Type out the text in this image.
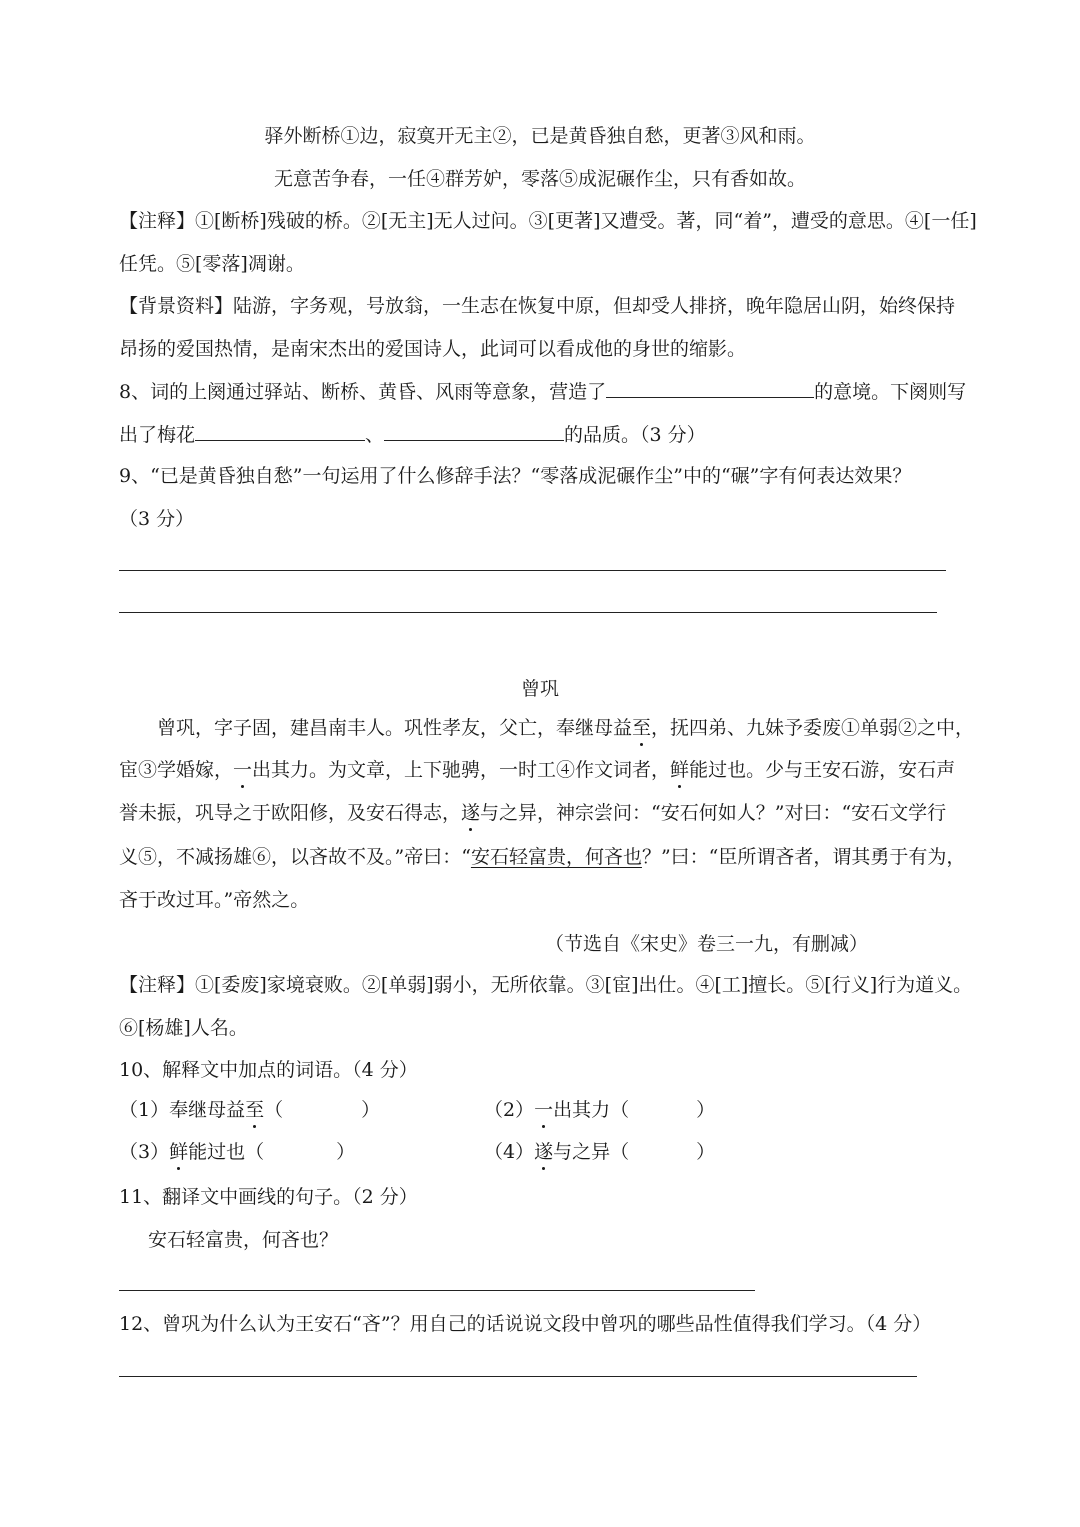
驿外断桥①边，寂寞开无主②，已是黄昏独自愁，更著③风和雨。
无意苦争春，一任④群芳妒，零落⑤成泥碾作尘，只有香如故。
【注释】①[断桥]残破的桥。②[无主]无人过问。③[更著]又遭受。著，同“着”，遭受的意思。④[一任]
任凭。⑤[零落]凋谢。
【背景资料】陆游，字务观，号放翁，一生志在恢复中原，但却受人排挤，晚年隐居山阴，始终保持
昂扬的爱国热情，是南宋杰出的爱国诗人，此词可以看成他的身世的缩影。
8、词的上阕通过驿站、断桥、黄昏、风雨等意象，营造了	的意境。下阕则写
出了梅花	、	的品质。（3 分）
9、“已是黄昏独自愁”一句运用了什么修辞手法？“零落成泥碾作尘”中的“碾”字有何表达效果？
（3 分）
曾巩
曾巩，字子固，建昌南丰人。巩性孝友，父亡，奉继母益至，抚四弟、九妹予委废①单弱②之中，
宦③学婚嫁，一出其力。为文章，上下驰骋，一时工④作文词者，鲜能过也。少与王安石游，安石声
誉未振，巩导之于欧阳修，及安石得志，遂与之异，神宗尝问：“安石何如人？”对曰：“安石文学行
义⑤，不减扬雄⑥，以吝故不及。”帝曰：“安石轻富贵，何吝也？”曰：“臣所谓吝者，谓其勇于有为，
吝于改过耳。”帝然之。
（节选自《宋史》卷三一九，有删减）
【注释】①[委废]家境衰败。②[单弱]弱小，无所依靠。③[宦]出仕。④[工]擅长。⑤[行义]行为道义。
⑥[杨雄]人名。
10、解释文中加点的词语。（4 分）
（1）奉继母益至（	）	（2）一出其力（	）
（3）鲜能过也（	）	（4）遂与之异（	）
11、翻译文中画线的句子。（2 分）
安石轻富贵，何吝也？
12、曾巩为什么认为王安石“吝”？用自己的话说说文段中曾巩的哪些品性值得我们学习。（4 分）
